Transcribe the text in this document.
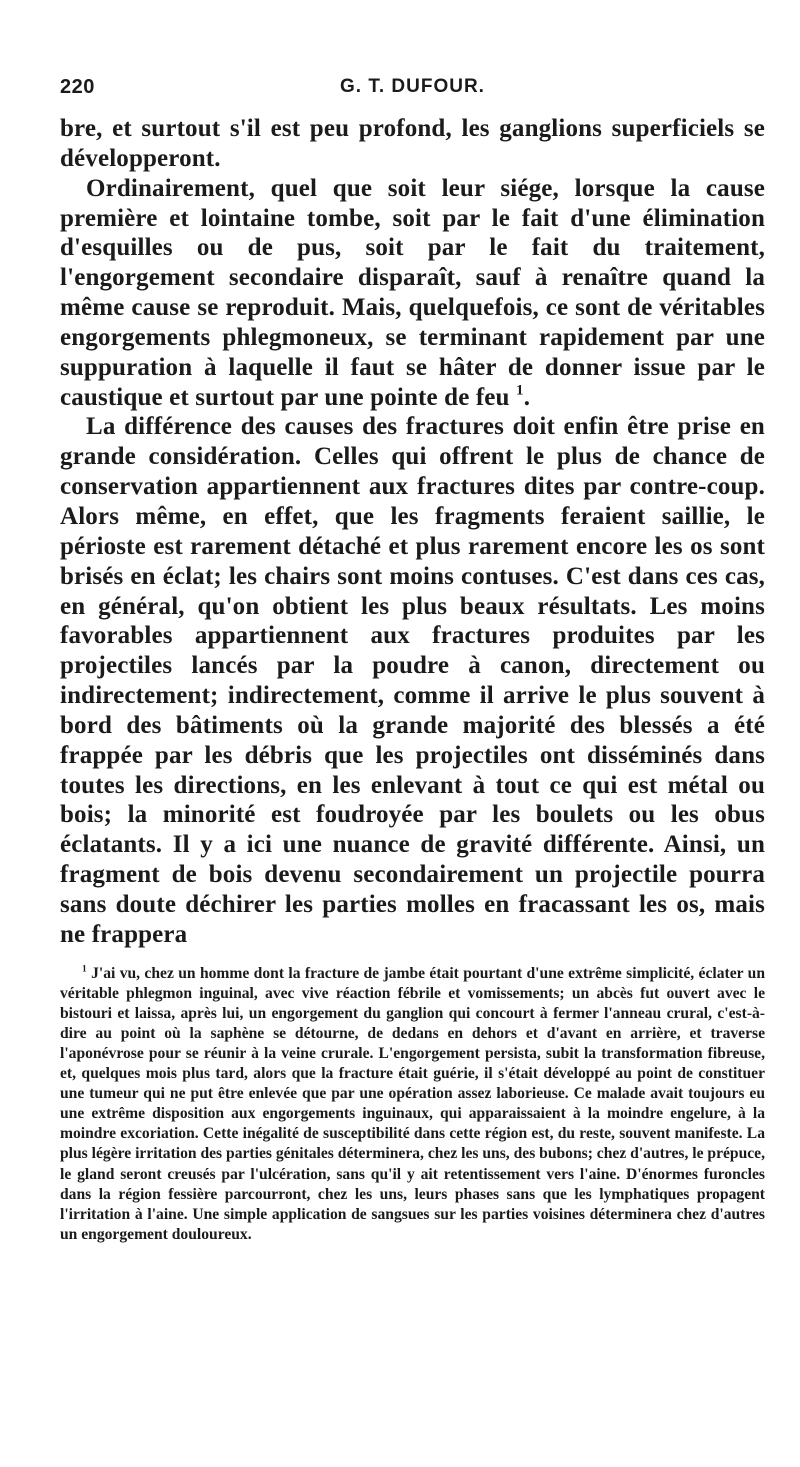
220	G. T. DUFOUR.

bre, et surtout s'il est peu profond, les ganglions superficiels se développeront.

Ordinairement, quel que soit leur siége, lorsque la cause première et lointaine tombe, soit par le fait d'une élimination d'esquilles ou de pus, soit par le fait du traitement, l'engorgement secondaire disparaît, sauf à renaître quand la même cause se reproduit. Mais, quelquefois, ce sont de véritables engorgements phlegmoneux, se terminant rapidement par une suppuration à laquelle il faut se hâter de donner issue par le caustique et surtout par une pointe de feu $^1$.

La différence des causes des fractures doit enfin être prise en grande considération. Celles qui offrent le plus de chance de conservation appartiennent aux fractures dites par contre-coup. Alors même, en effet, que les fragments feraient saillie, le périoste est rarement détaché et plus rarement encore les os sont brisés en éclat; les chairs sont moins contuses. C'est dans ces cas, en général, qu'on obtient les plus beaux résultats. Les moins favorables appartiennent aux fractures produites par les projectiles lancés par la poudre à canon, directement ou indirectement; indirectement, comme il arrive le plus souvent à bord des bâtiments où la grande majorité des blessés a été frappée par les débris que les projectiles ont disséminés dans toutes les directions, en les enlevant à tout ce qui est métal ou bois; la minorité est foudroyée par les boulets ou les obus éclatants. Il y a ici une nuance de gravité différente. Ainsi, un fragment de bois devenu secondairement un projectile pourra sans doute déchirer les parties molles en fracassant les os, mais ne frappera

$^1$ J'ai vu, chez un homme dont la fracture de jambe était pourtant d'une extrême simplicité, éclater un véritable phlegmon inguinal, avec vive réaction fébrile et vomissements; un abcès fut ouvert avec le bistouri et laissa, après lui, un engorgement du ganglion qui concourt à fermer l'anneau crural, c'est-à-dire au point où la saphène se détourne, de dedans en dehors et d'avant en arrière, et traverse l'aponévrose pour se réunir à la veine crurale. L'engorgement persista, subit la transformation fibreuse, et, quelques mois plus tard, alors que la fracture était guérie, il s'était développé au point de constituer une tumeur qui ne put être enlevée que par une opération assez laborieuse. Ce malade avait toujours eu une extrême disposition aux engorgements inguinaux, qui apparaissaient à la moindre engelure, à la moindre excoriation. Cette inégalité de susceptibilité dans cette région est, du reste, souvent manifeste. La plus légère irritation des parties génitales déterminera, chez les uns, des bubons; chez d'autres, le prépuce, le gland seront creusés par l'ulcération, sans qu'il y ait retentissement vers l'aine. D'énormes furoncles dans la région fessière parcourront, chez les uns, leurs phases sans que les lymphatiques propagent l'irritation à l'aine. Une simple application de sangsues sur les parties voisines déterminera chez d'autres un engorgement douloureux.
